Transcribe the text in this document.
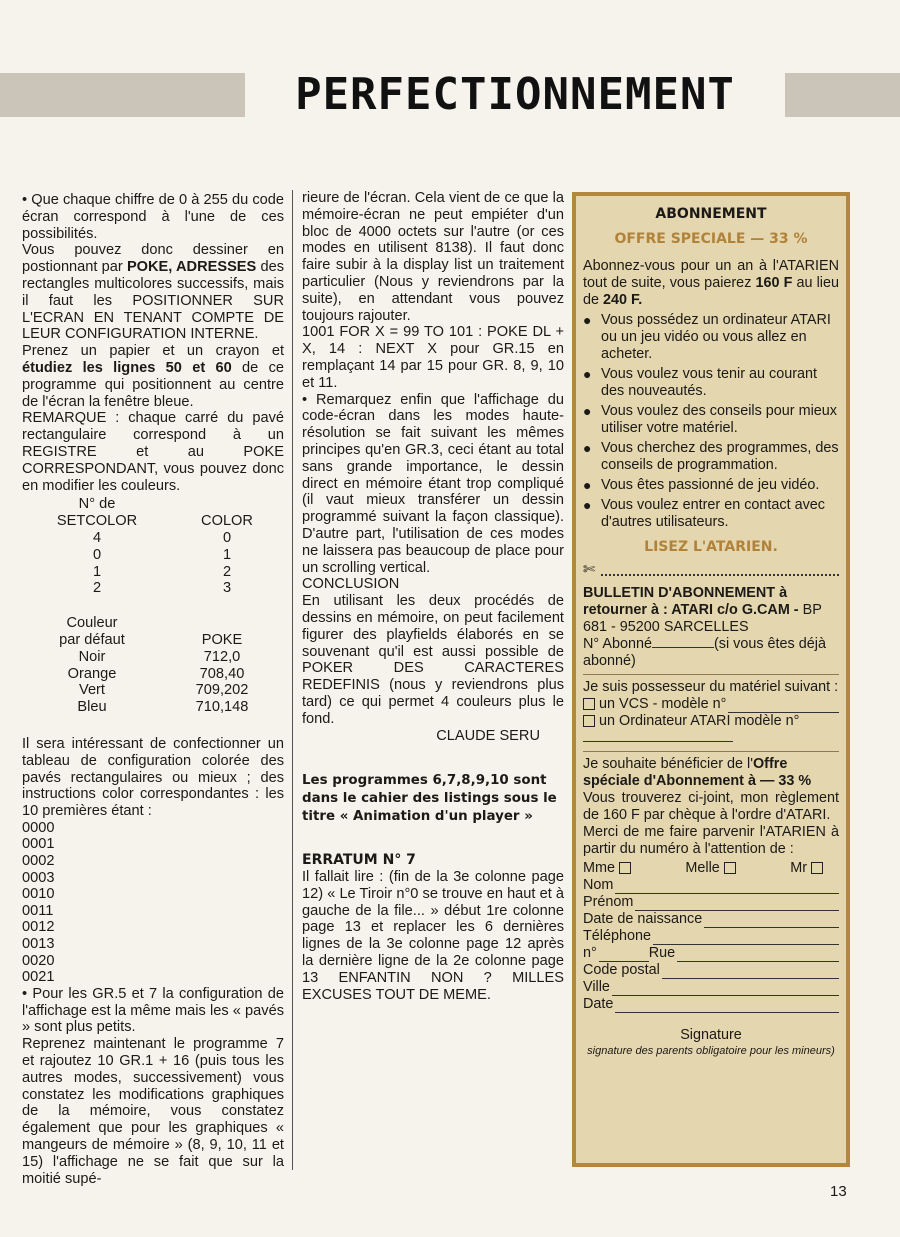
PERFECTIONNEMENT

• Que chaque chiffre de 0 à 255 du code écran correspond à l'une de ces possibilités.

Vous pouvez donc dessiner en postionnant par POKE, ADRESSES des rectangles multicolores successifs, mais il faut les POSITIONNER SUR L'ECRAN EN TENANT COMPTE DE LEUR CONFIGURATION INTERNE.

Prenez un papier et un crayon et étudiez les lignes 50 et 60 de ce programme qui positionnent au centre de l'écran la fenêtre bleue.

REMARQUE : chaque carré du pavé rectangulaire correspond à un REGISTRE et au POKE CORRESPONDANT, vous pouvez donc en modifier les couleurs.

N° de
SETCOLOR	COLOR
4	0
0	1
1	2
2	3
Couleur
par défaut	POKE
Noir	712,0
Orange	708,40
Vert	709,202
Bleu	710,148

Il sera intéressant de confectionner un tableau de configuration colorée des pavés rectangulaires ou mieux ; des instructions color correspondantes : les 10 premières étant :

0000
0001
0002
0003
0010
0011
0012
0013
0020
0021

• Pour les GR.5 et 7 la configuration de l'affichage est la même mais les « pavés » sont plus petits.

Reprenez maintenant le programme 7 et rajoutez 10 GR.1 + 16 (puis tous les autres modes, successivement) vous constatez les modifications graphiques de la mémoire, vous constatez également que pour les graphiques « mangeurs de mémoire » (8, 9, 10, 11 et 15) l'affichage ne se fait que sur la moitié supé-

rieure de l'écran. Cela vient de ce que la mémoire-écran ne peut empiéter d'un bloc de 4000 octets sur l'autre (or ces modes en utilisent 8138). Il faut donc faire subir à la display list un traitement particulier (Nous y reviendrons par la suite), en attendant vous pouvez toujours rajouter.

1001 FOR X = 99 TO 101 : POKE DL + X, 14 : NEXT X pour GR.15 en remplaçant 14 par 15 pour GR. 8, 9, 10 et 11.

• Remarquez enfin que l'affichage du code-écran dans les modes haute-résolution se fait suivant les mêmes principes qu'en GR.3, ceci étant au total sans grande importance, le dessin direct en mémoire étant trop compliqué (il vaut mieux transférer un dessin programmé suivant la façon classique). D'autre part, l'utilisation de ces modes ne laissera pas beaucoup de place pour un scrolling vertical.

CONCLUSION

En utilisant les deux procédés de dessins en mémoire, on peut facilement figurer des playfields élaborés en se souvenant qu'il est aussi possible de POKER DES CARACTERES REDEFINIS (nous y reviendrons plus tard) ce qui permet 4 couleurs plus le fond.

CLAUDE SERU

Les programmes 6,7,8,9,10 sont dans le cahier des listings sous le titre « Animation d'un player »

ERRATUM N° 7

Il fallait lire : (fin de la 3e colonne page 12) « Le Tiroir n°0 se trouve en haut et à gauche de la file... » début 1re colonne page 13 et replacer les 6 dernières lignes de la 3e colonne page 12 après la dernière ligne de la 2e colonne page 13 ENFANTIN NON ? MILLES EXCUSES TOUT DE MEME.

ABONNEMENT
OFFRE SPECIALE — 33 %
Abonnez-vous pour un an à l'ATARIEN tout de suite, vous paierez 160 F au lieu de 240 F.
● Vous possédez un ordinateur ATARI ou un jeu vidéo ou vous allez en acheter.
● Vous voulez vous tenir au courant des nouveautés.
● Vous voulez des conseils pour mieux utiliser votre matériel.
● Vous cherchez des programmes, des conseils de programmation.
● Vous êtes passionné de jeu vidéo.
● Vous voulez entrer en contact avec d'autres utilisateurs.
LISEZ L'ATARIEN.
✄
BULLETIN D'ABONNEMENT à retourner à : ATARI c/o G.CAM - BP 681 - 95200 SARCELLES
N° Abonné	(si vous êtes déjà abonné)
Je suis possesseur du matériel suivant :
un VCS - modèle n°
un Ordinateur ATARI modèle n°
Je souhaite bénéficier de l'Offre spéciale d'Abonnement à — 33 %
Vous trouverez ci-joint, mon règlement de 160 F par chèque à l'ordre d'ATARI.
Merci de me faire parvenir l'ATARIEN à partir du numéro à l'attention de :
Mme	Melle	Mr
Nom
Prénom
Date de naissance
Téléphone
n°	Rue
Code postal
Ville
Date
Signature
signature des parents obligatoire pour les mineurs)
13
